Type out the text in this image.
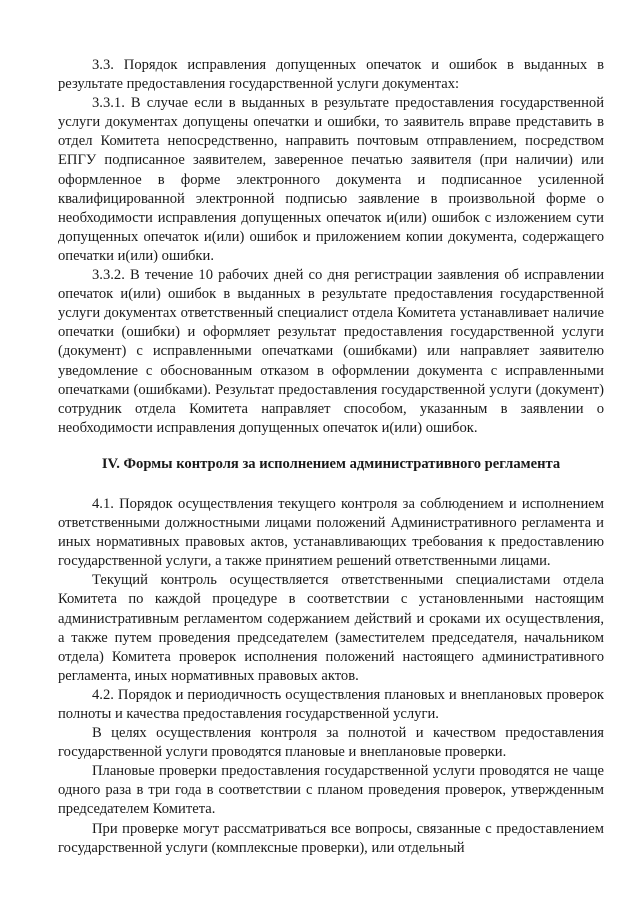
3.3. Порядок исправления допущенных опечаток и ошибок в выданных в результате предоставления государственной услуги документах:

3.3.1. В случае если в выданных в результате предоставления государственной услуги документах допущены опечатки и ошибки, то заявитель вправе представить в отдел Комитета непосредственно, направить почтовым отправлением, посредством ЕПГУ подписанное заявителем, заверенное печатью заявителя (при наличии) или оформленное в форме электронного документа и подписанное усиленной квалифицированной электронной подписью заявление в произвольной форме о необходимости исправления допущенных опечаток и(или) ошибок с изложением сути допущенных опечаток и(или) ошибок и приложением копии документа, содержащего опечатки и(или) ошибки.

3.3.2. В течение 10 рабочих дней со дня регистрации заявления об исправлении опечаток и(или) ошибок в выданных в результате предоставления государственной услуги документах ответственный специалист отдела Комитета устанавливает наличие опечатки (ошибки) и оформляет результат предоставления государственной услуги (документ) с исправленными опечатками (ошибками) или направляет заявителю уведомление с обоснованным отказом в оформлении документа с исправленными опечатками (ошибками). Результат предоставления государственной услуги (документ) сотрудник отдела Комитета направляет способом, указанным в заявлении о необходимости исправления допущенных опечаток и(или) ошибок.

IV. Формы контроля за исполнением административного регламента

4.1. Порядок осуществления текущего контроля за соблюдением и исполнением ответственными должностными лицами положений Административного регламента и иных нормативных правовых актов, устанавливающих требования к предоставлению государственной услуги, а также принятием решений ответственными лицами.

Текущий контроль осуществляется ответственными специалистами отдела Комитета по каждой процедуре в соответствии с установленными настоящим административным регламентом содержанием действий и сроками их осуществления, а также путем проведения председателем (заместителем председателя, начальником отдела) Комитета проверок исполнения положений настоящего административного регламента, иных нормативных правовых актов.

4.2. Порядок и периодичность осуществления плановых и внеплановых проверок полноты и качества предоставления государственной услуги.

В целях осуществления контроля за полнотой и качеством предоставления государственной услуги проводятся плановые и внеплановые проверки.

Плановые проверки предоставления государственной услуги проводятся не чаще одного раза в три года в соответствии с планом проведения проверок, утвержденным председателем Комитета.

При проверке могут рассматриваться все вопросы, связанные с предоставлением государственной услуги (комплексные проверки), или отдельный
